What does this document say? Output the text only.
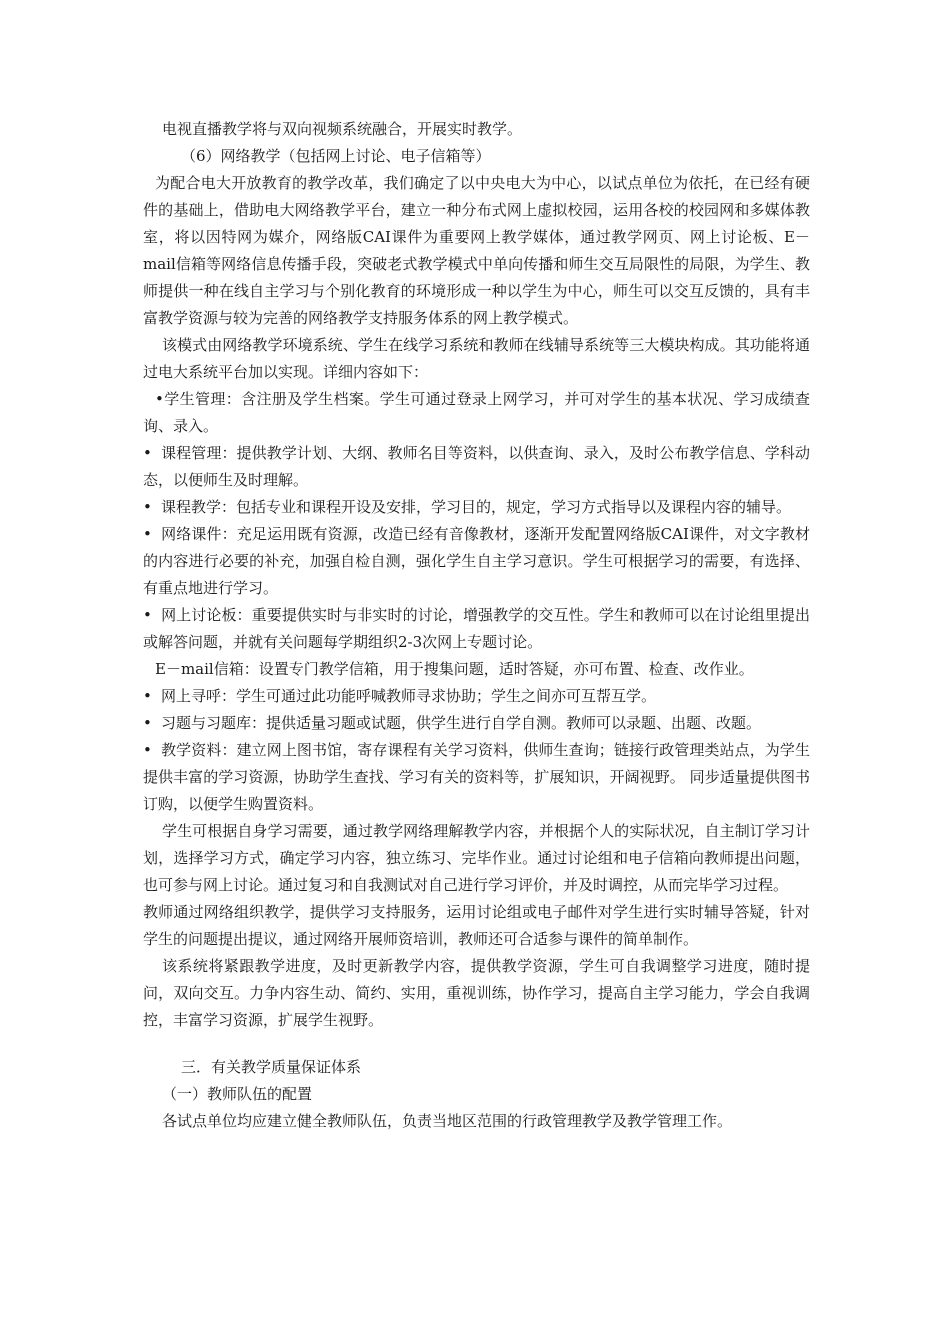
电视直播教学将与双向视频系统融合，开展实时教学。

（6）网络教学（包括网上讨论、电子信箱等）

为配合电大开放教育的教学改革，我们确定了以中央电大为中心，以试点单位为依托，在已经有硬件的基础上，借助电大网络教学平台，建立一种分布式网上虚拟校园，运用各校的校园网和多媒体教室，将以因特网为媒介，网络版CAI课件为重要网上教学媒体，通过教学网页、网上讨论板、E－mail信箱等网络信息传播手段，突破老式教学模式中单向传播和师生交互局限性的局限，为学生、教师提供一种在线自主学习与个别化教育的环境形成一种以学生为中心，师生可以交互反馈的，具有丰富教学资源与较为完善的网络教学支持服务体系的网上教学模式。

该模式由网络教学环境系统、学生在线学习系统和教师在线辅导系统等三大模块构成。其功能将通过电大系统平台加以实现。详细内容如下：

•学生管理：含注册及学生档案。学生可通过登录上网学习，并可对学生的基本状况、学习成绩查询、录入。

• 课程管理：提供教学计划、大纲、教师名目等资料，以供查询、录入，及时公布教学信息、学科动态，以便师生及时理解。

• 课程教学：包括专业和课程开设及安排，学习目的，规定，学习方式指导以及课程内容的辅导。

• 网络课件：充足运用既有资源，改造已经有音像教材，逐渐开发配置网络版CAI课件，对文字教材的内容进行必要的补充，加强自检自测，强化学生自主学习意识。学生可根据学习的需要，有选择、有重点地进行学习。

• 网上讨论板：重要提供实时与非实时的讨论，增强教学的交互性。学生和教师可以在讨论组里提出或解答问题，并就有关问题每学期组织2-3次网上专题讨论。

E－mail信箱：设置专门教学信箱，用于搜集问题，适时答疑，亦可布置、检查、改作业。

• 网上寻呼：学生可通过此功能呼喊教师寻求协助；学生之间亦可互帮互学。

• 习题与习题库：提供适量习题或试题，供学生进行自学自测。教师可以录题、出题、改题。

• 教学资料：建立网上图书馆，寄存课程有关学习资料，供师生查询；链接行政管理类站点，为学生提供丰富的学习资源，协助学生查找、学习有关的资料等，扩展知识，开阔视野。 同步适量提供图书订购，以便学生购置资料。

学生可根据自身学习需要，通过教学网络理解教学内容，并根据个人的实际状况，自主制订学习计划，选择学习方式，确定学习内容，独立练习、完毕作业。通过讨论组和电子信箱向教师提出问题，也可参与网上讨论。通过复习和自我测试对自己进行学习评价，并及时调控，从而完毕学习过程。

教师通过网络组织教学，提供学习支持服务，运用讨论组或电子邮件对学生进行实时辅导答疑，针对学生的问题提出提议，通过网络开展师资培训，教师还可合适参与课件的简单制作。

该系统将紧跟教学进度，及时更新教学内容，提供教学资源，学生可自我调整学习进度，随时提问，双向交互。力争内容生动、简约、实用，重视训练，协作学习，提高自主学习能力，学会自我调控，丰富学习资源，扩展学生视野。

三．有关教学质量保证体系

（一）教师队伍的配置

各试点单位均应建立健全教师队伍，负责当地区范围的行政管理教学及教学管理工作。
